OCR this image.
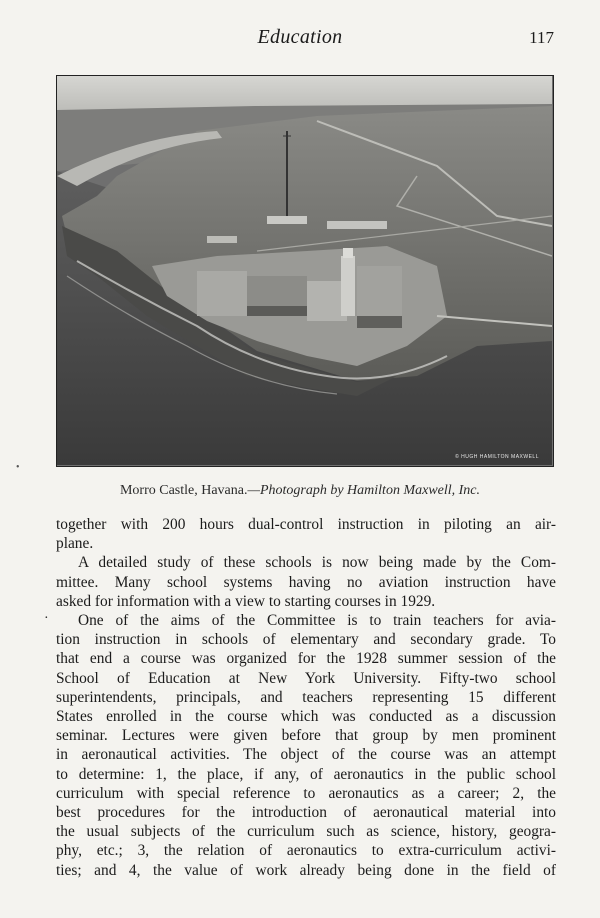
Education	117
© HUGH HAMILTON MAXWELL
Morro Castle, Havana.—Photograph by Hamilton Maxwell, Inc.
•
·

together with 200 hours dual-control instruction in piloting an air-
plane.

A detailed study of these schools is now being made by the Com-
mittee. Many school systems having no aviation instruction have
asked for information with a view to starting courses in 1929.

One of the aims of the Committee is to train teachers for avia-
tion instruction in schools of elementary and secondary grade. To
that end a course was organized for the 1928 summer session of the
School of Education at New York University. Fifty-two school
superintendents, principals, and teachers representing 15 different
States enrolled in the course which was conducted as a discussion
seminar. Lectures were given before that group by men prominent
in aeronautical activities. The object of the course was an attempt
to determine: 1, the place, if any, of aeronautics in the public school
curriculum with special reference to aeronautics as a career; 2, the
best procedures for the introduction of aeronautical material into
the usual subjects of the curriculum such as science, history, geogra-
phy, etc.; 3, the relation of aeronautics to extra-curriculum activi-
ties; and 4, the value of work already being done in the field of
